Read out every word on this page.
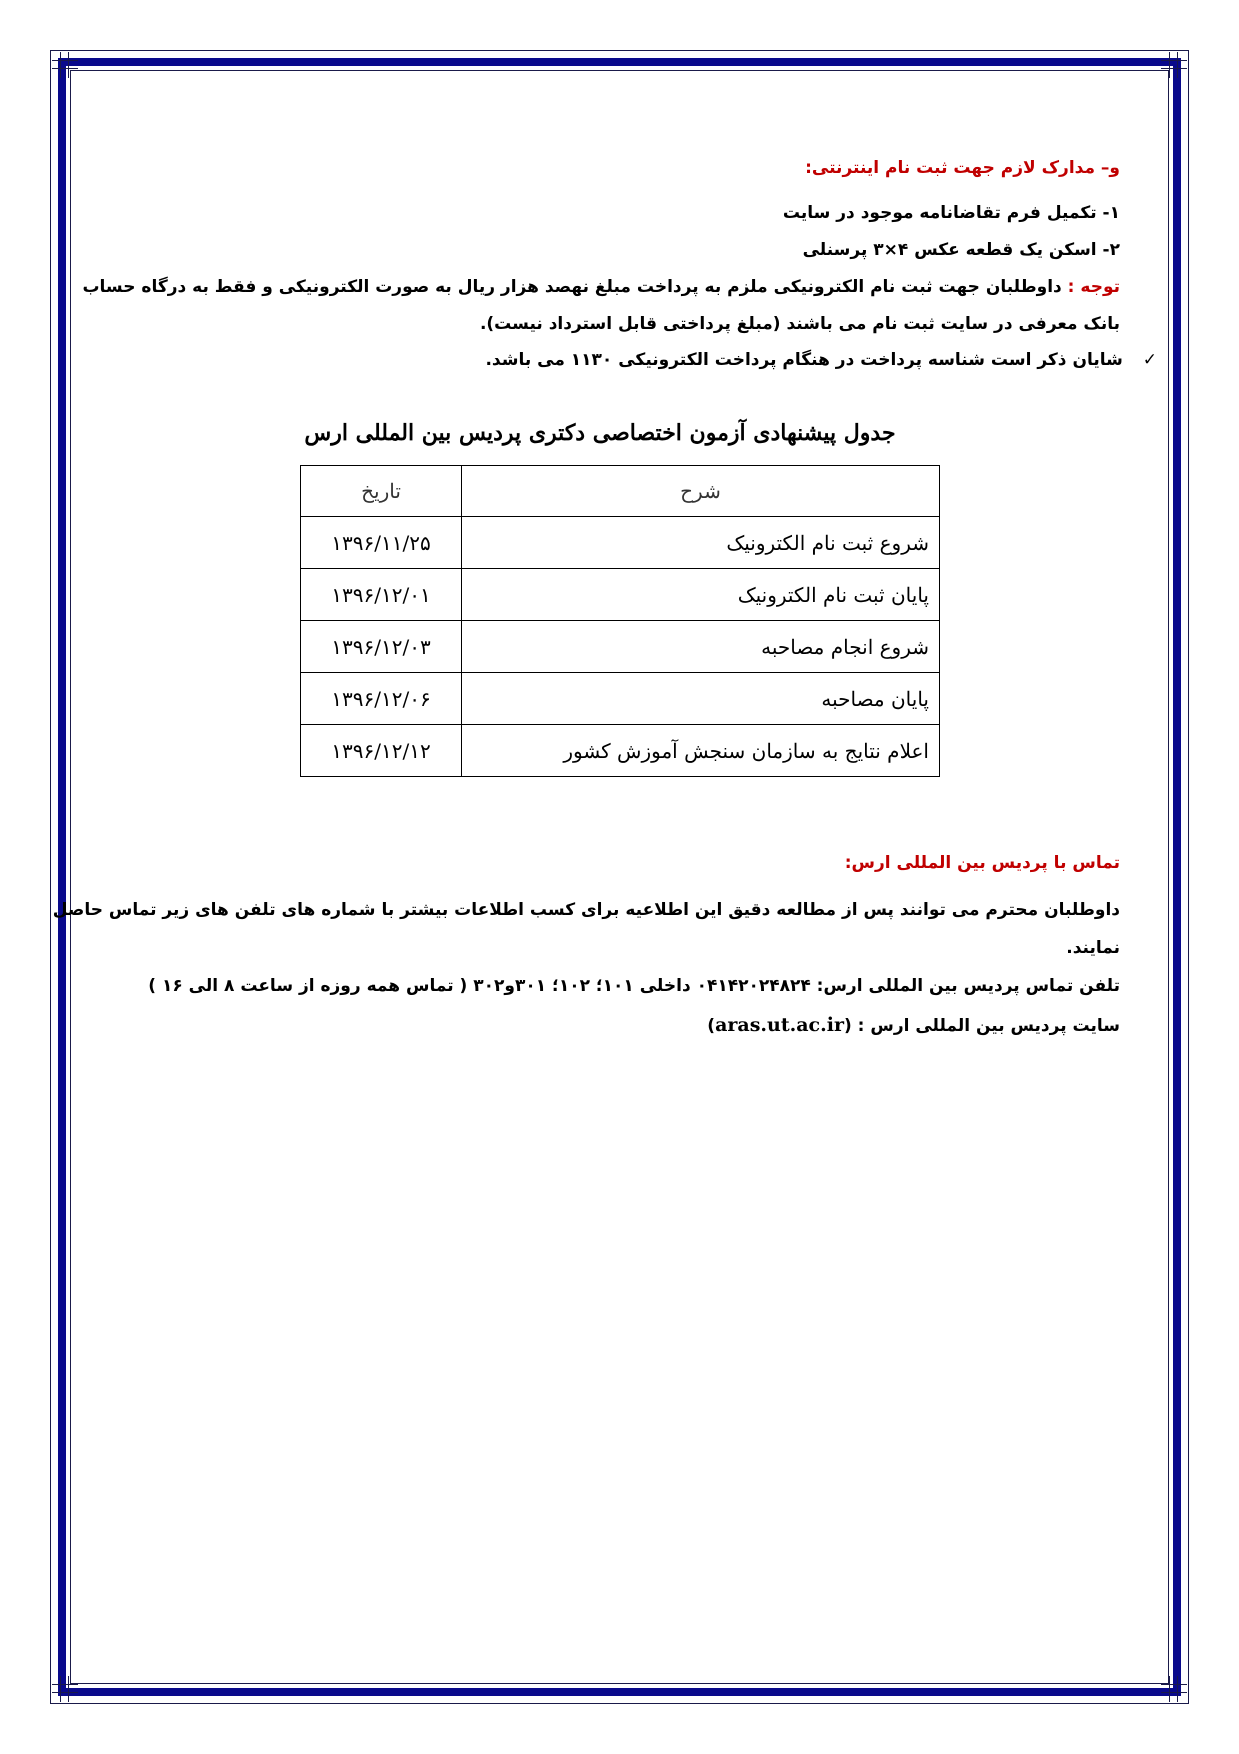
و– مدارک لازم جهت ثبت نام اینترنتی:
۱- تکمیل فرم تقاضانامه موجود در سایت
۲- اسکن یک قطعه عکس ۴×۳ پرسنلی
توجه : داوطلبان جهت ثبت نام الکترونیکی ملزم به پرداخت مبلغ نهصد هزار ریال به صورت الکترونیکی و فقط به درگاه حساب
بانک معرفی در سایت ثبت نام می باشند (مبلغ پرداختی قابل استرداد نیست).
✓ شایان ذکر است شناسه پرداخت در هنگام پرداخت الکترونیکی ۱۱۳۰ می باشد.
جدول پیشنهادی آزمون اختصاصی دکتری پردیس بین المللی ارس
شرح	تاریخ
شروع ثبت نام الکترونیک	۱۳۹۶/۱۱/۲۵
پایان ثبت نام الکترونیک	۱۳۹۶/۱۲/۰۱
شروع انجام مصاحبه	۱۳۹۶/۱۲/۰۳
پایان مصاحبه	۱۳۹۶/۱۲/۰۶
اعلام نتایج به سازمان سنجش آموزش کشور	۱۳۹۶/۱۲/۱۲
تماس با پردیس بین المللی ارس:
داوطلبان محترم می توانند پس از مطالعه دقیق این اطلاعیه برای کسب اطلاعات بیشتر با شماره های تلفن های زیر تماس حاصل
نمایند.
تلفن تماس پردیس بین المللی ارس: ۰۴۱۴۲۰۲۴۸۲۴ داخلی ۱۰۱؛ ۱۰۲؛ ۳۰۱و۳۰۲ ( تماس همه روزه از ساعت ۸ الی ۱۶ )
سایت پردیس بین المللی ارس : (aras.ut.ac.ir)
